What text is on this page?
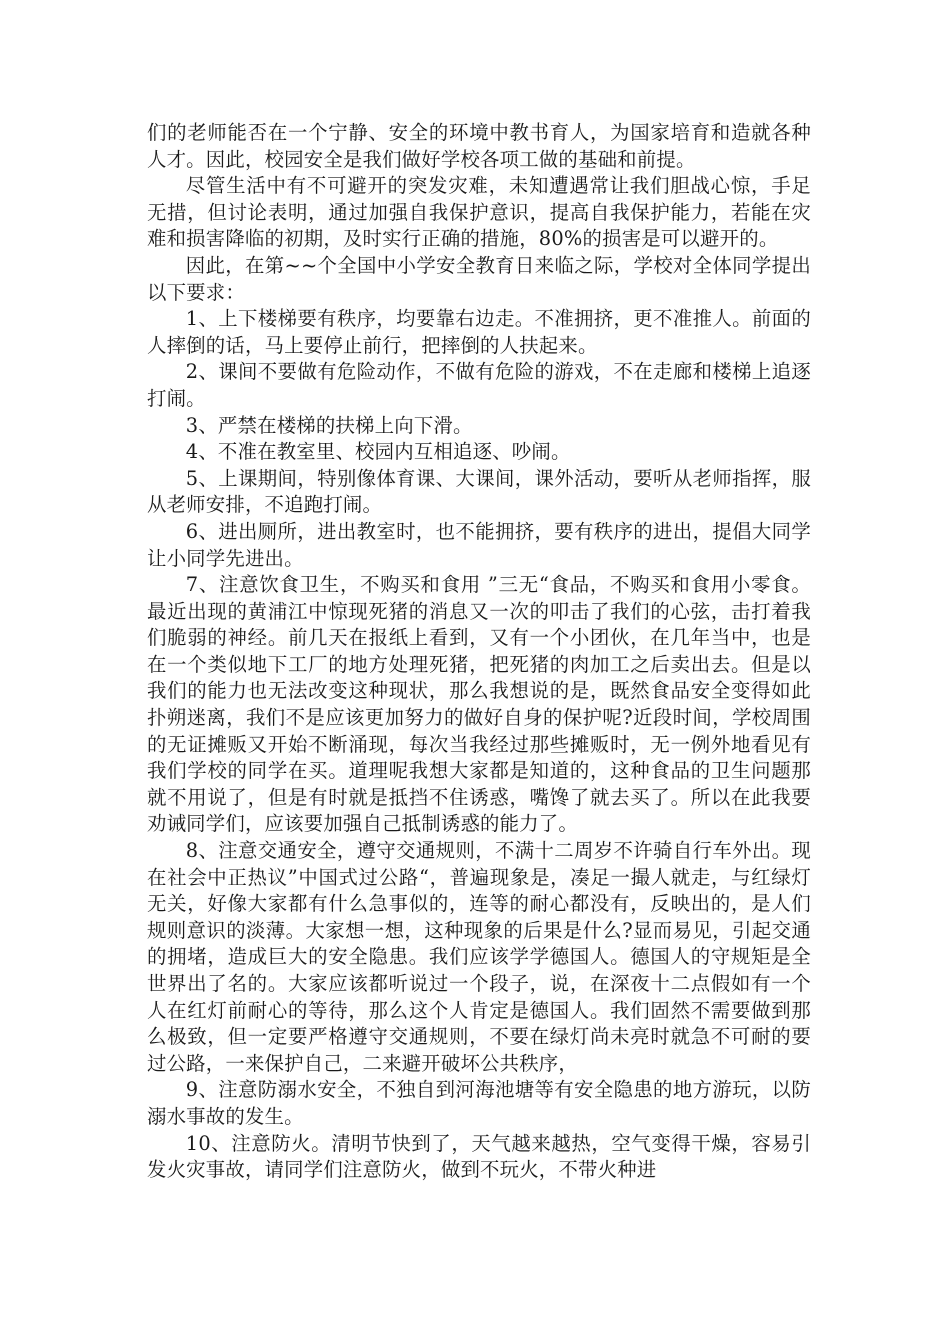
们的老师能否在一个宁静、安全的环境中教书育人，为国家培育和造就各种人才。因此，校园安全是我们做好学校各项工做的基础和前提。

尽管生活中有不可避开的突发灾难，未知遭遇常让我们胆战心惊，手足无措，但讨论表明，通过加强自我保护意识，提高自我保护能力，若能在灾难和损害降临的初期，及时实行正确的措施，80%的损害是可以避开的。

因此，在第~~个全国中小学安全教育日来临之际，学校对全体同学提出以下要求：

1、上下楼梯要有秩序，均要靠右边走。不准拥挤，更不准推人。前面的人摔倒的话，马上要停止前行，把摔倒的人扶起来。

2、课间不要做有危险动作，不做有危险的游戏，不在走廊和楼梯上追逐打闹。

3、严禁在楼梯的扶梯上向下滑。

4、不准在教室里、校园内互相追逐、吵闹。

5、上课期间，特别像体育课、大课间，课外活动，要听从老师指挥，服从老师安排，不追跑打闹。

6、进出厕所，进出教室时，也不能拥挤，要有秩序的进出，提倡大同学让小同学先进出。

7、注意饮食卫生，不购买和食用 ”三无“食品，不购买和食用小零食。最近出现的黄浦江中惊现死猪的消息又一次的叩击了我们的心弦，击打着我们脆弱的神经。前几天在报纸上看到，又有一个小团伙，在几年当中，也是在一个类似地下工厂的地方处理死猪，把死猪的肉加工之后卖出去。但是以我们的能力也无法改变这种现状，那么我想说的是，既然食品安全变得如此扑朔迷离，我们不是应该更加努力的做好自身的保护呢?近段时间，学校周围的无证摊贩又开始不断涌现，每次当我经过那些摊贩时，无一例外地看见有我们学校的同学在买。道理呢我想大家都是知道的，这种食品的卫生问题那就不用说了，但是有时就是抵挡不住诱惑，嘴馋了就去买了。所以在此我要劝诫同学们，应该要加强自己抵制诱惑的能力了。

8、注意交通安全，遵守交通规则，不满十二周岁不许骑自行车外出。现在社会中正热议”中国式过公路“，普遍现象是，凑足一撮人就走，与红绿灯无关，好像大家都有什么急事似的，连等的耐心都没有，反映出的，是人们规则意识的淡薄。大家想一想，这种现象的后果是什么?显而易见，引起交通的拥堵，造成巨大的安全隐患。我们应该学学德国人。德国人的守规矩是全世界出了名的。大家应该都听说过一个段子，说，在深夜十二点假如有一个人在红灯前耐心的等待，那么这个人肯定是德国人。我们固然不需要做到那么极致，但一定要严格遵守交通规则，不要在绿灯尚未亮时就急不可耐的要过公路，一来保护自己，二来避开破坏公共秩序，

9、注意防溺水安全，不独自到河海池塘等有安全隐患的地方游玩，以防溺水事故的发生。

10、注意防火。清明节快到了，天气越来越热，空气变得干燥，容易引发火灾事故，请同学们注意防火，做到不玩火，不带火种进
